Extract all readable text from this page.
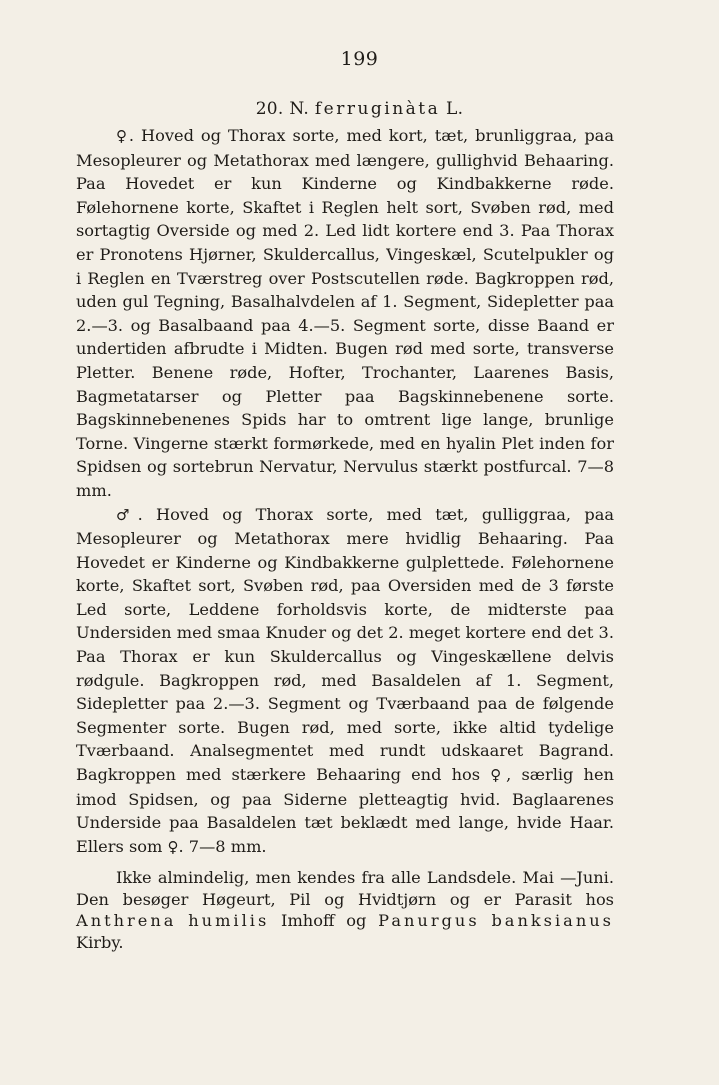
199
20. N. ferruginàta L.

♀. Hoved og Thorax sorte, med kort, tæt, brunliggraa, paa Mesopleurer og Metathorax med længere, gullighvid Behaaring. Paa Hovedet er kun Kinderne og Kindbakkerne røde. Følehornene korte, Skaftet i Reglen helt sort, Svøben rød, med sortagtig Overside og med 2. Led lidt kortere end 3. Paa Thorax er Pronotens Hjørner, Skuldercallus, Vingeskæl, Scutelpukler og i Reglen en Tværstreg over Postscutellen røde. Bagkroppen rød, uden gul Tegning, Basalhalvdelen af 1. Segment, Sidepletter paa 2.—3. og Basalbaand paa 4.—5. Segment sorte, disse Baand er undertiden afbrudte i Midten. Bugen rød med sorte, transverse Pletter. Benene røde, Hofter, Trochanter, Laarenes Basis, Bagmetatarser og Pletter paa Bagskinnebenene sorte. Bagskinnebenenes Spids har to omtrent lige lange, brunlige Torne. Vingerne stærkt formørkede, med en hyalin Plet inden for Spidsen og sortebrun Nervatur, Nervulus stærkt postfurcal. 7—8 mm.

♂. Hoved og Thorax sorte, med tæt, gulliggraa, paa Mesopleurer og Metathorax mere hvidlig Behaaring. Paa Hovedet er Kinderne og Kindbakkerne gulplettede. Følehornene korte, Skaftet sort, Svøben rød, paa Oversiden med de 3 første Led sorte, Leddene forholdsvis korte, de midterste paa Undersiden med smaa Knuder og det 2. meget kortere end det 3. Paa Thorax er kun Skuldercallus og Vingeskællene delvis rødgule. Bagkroppen rød, med Basaldelen af 1. Segment, Sidepletter paa 2.—3. Segment og Tværbaand paa de følgende Segmenter sorte. Bugen rød, med sorte, ikke altid tydelige Tværbaand. Analsegmentet med rundt udskaaret Bagrand. Bagkroppen med stærkere Behaaring end hos ♀, særlig hen imod Spidsen, og paa Siderne pletteagtig hvid. Baglaarenes Underside paa Basaldelen tæt beklædt med lange, hvide Haar. Ellers som ♀. 7—8 mm.

Ikke almindelig, men kendes fra alle Landsdele. Mai —Juni. Den besøger Høgeurt, Pil og Hvidtjørn og er Parasit hos Anthrena humilis Imhoff og Panurgus banksianus Kirby.
